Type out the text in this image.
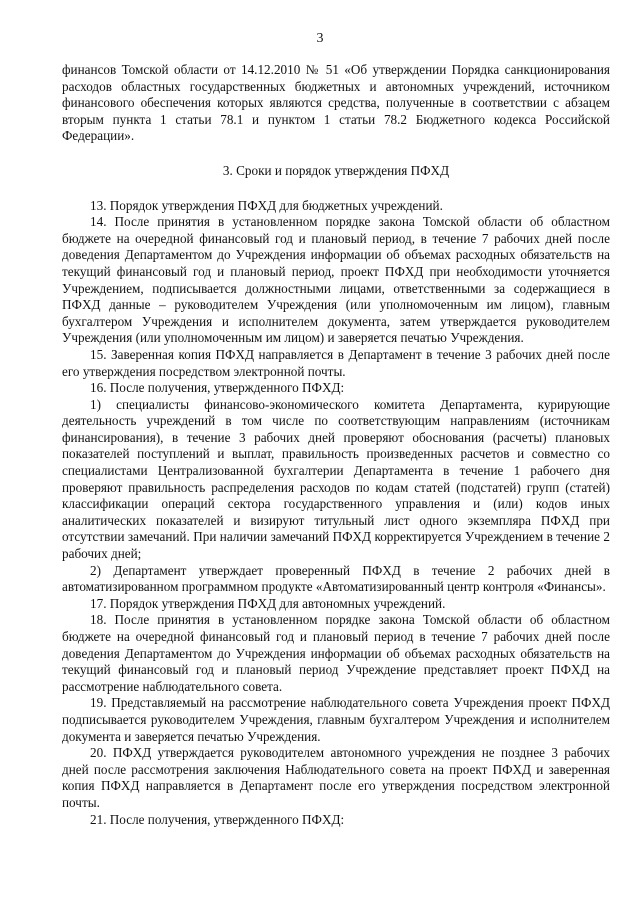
3

финансов Томской области от 14.12.2010 № 51 «Об утверждении Порядка санкционирования расходов областных государственных бюджетных и автономных учреждений, источником финансового обеспечения которых являются средства, полученные в соответствии с абзацем вторым пункта 1 статьи 78.1 и пунктом 1 статьи 78.2 Бюджетного кодекса Российской Федерации».

3. Сроки и порядок утверждения ПФХД

13. Порядок утверждения ПФХД для бюджетных учреждений.

14. После принятия в установленном порядке закона Томской области об областном бюджете на очередной финансовый год и плановый период, в течение 7 рабочих дней после доведения Департаментом до Учреждения информации об объемах расходных обязательств на текущий финансовый год и плановый период, проект ПФХД при необходимости уточняется Учреждением, подписывается должностными лицами, ответственными за содержащиеся в ПФХД данные – руководителем Учреждения (или уполномоченным им лицом), главным бухгалтером Учреждения и исполнителем документа, затем утверждается руководителем Учреждения (или уполномоченным им лицом) и заверяется печатью Учреждения.

15. Заверенная копия ПФХД направляется в Департамент в течение 3 рабочих дней после его утверждения посредством электронной почты.

16. После получения, утвержденного ПФХД:

1) специалисты финансово-экономического комитета Департамента, курирующие деятельность учреждений в том числе по соответствующим направлениям (источникам финансирования), в течение 3 рабочих дней проверяют обоснования (расчеты) плановых показателей поступлений и выплат, правильность произведенных расчетов и совместно со специалистами Централизованной бухгалтерии Департамента в течение 1 рабочего дня проверяют правильность распределения расходов по кодам статей (подстатей) групп (статей) классификации операций сектора государственного управления и (или) кодов иных аналитических показателей и визируют титульный лист одного экземпляра ПФХД при отсутствии замечаний. При наличии замечаний ПФХД корректируется Учреждением в течение 2 рабочих дней;

2) Департамент утверждает проверенный ПФХД в течение 2 рабочих дней в автоматизированном программном продукте «Автоматизированный центр контроля «Финансы».

17. Порядок утверждения ПФХД для автономных учреждений.

18. После принятия в установленном порядке закона Томской области об областном бюджете на очередной финансовый год и плановый период в течение 7 рабочих дней после доведения Департаментом до Учреждения информации об объемах расходных обязательств на текущий финансовый год и плановый период Учреждение представляет проект ПФХД на рассмотрение наблюдательного совета.

19. Представляемый на рассмотрение наблюдательного совета Учреждения проект ПФХД подписывается руководителем Учреждения, главным бухгалтером Учреждения и исполнителем документа и заверяется печатью Учреждения.

20. ПФХД утверждается руководителем автономного учреждения не позднее 3 рабочих дней после рассмотрения заключения Наблюдательного совета на проект ПФХД и заверенная копия ПФХД направляется в Департамент после его утверждения посредством электронной почты.

21. После получения, утвержденного ПФХД:
